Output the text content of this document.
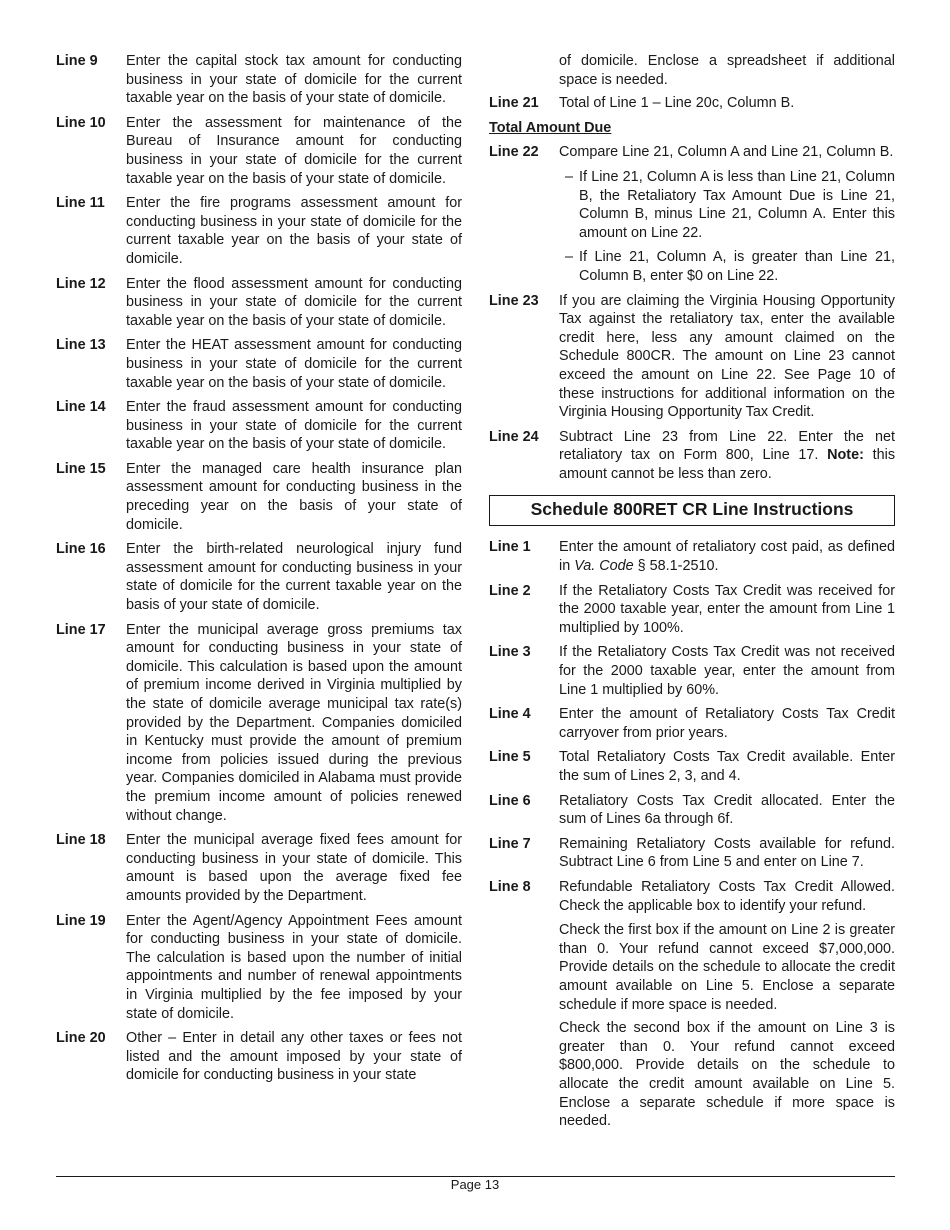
Line 9	Enter the capital stock tax amount for conducting business in your state of domicile for the current taxable year on the basis of your state of domicile.
Line 10	Enter the assessment for maintenance of the Bureau of Insurance amount for conducting business in your state of domicile for the current taxable year on the basis of your state of domicile.
Line 11	Enter the fire programs assessment amount for conducting business in your state of domicile for the current taxable year on the basis of your state of domicile.
Line 12	Enter the flood assessment amount for conducting business in your state of domicile for the current taxable year on the basis of your state of domicile.
Line 13	Enter the HEAT assessment amount for conducting business in your state of domicile for the current taxable year on the basis of your state of domicile.
Line 14	Enter the fraud assessment amount for conducting business in your state of domicile for the current taxable year on the basis of your state of domicile.
Line 15	Enter the managed care health insurance plan assessment amount for conducting business in the preceding year on the basis of your state of domicile.
Line 16	Enter the birth-related neurological injury fund assessment amount for conducting business in your state of domicile for the current taxable year on the basis of your state of domicile.
Line 17	Enter the municipal average gross premiums tax amount for conducting business in your state of domicile. This calculation is based upon the amount of premium income derived in Virginia multiplied by the state of domicile average municipal tax rate(s) provided by the Department. Companies domiciled in Kentucky must provide the amount of premium income from policies issued during the previous year. Companies domiciled in Alabama must provide the premium income amount of policies renewed without change.
Line 18	Enter the municipal average fixed fees amount for conducting business in your state of domicile. This amount is based upon the average fixed fee amounts provided by the Department.
Line 19	Enter the Agent/Agency Appointment Fees amount for conducting business in your state of domicile. The calculation is based upon the number of initial appointments and number of renewal appointments in Virginia multiplied by the fee imposed by your state of domicile.
Line 20	Other – Enter in detail any other taxes or fees not listed and the amount imposed by your state of domicile for conducting business in your state
of domicile. Enclose a spreadsheet if additional space is needed.
Line 21	Total of Line 1 – Line 20c, Column B.
Total Amount Due
Line 22	Compare Line 21, Column A and Line 21, Column B.
– If Line 21, Column A is less than Line 21, Column B, the Retaliatory Tax Amount Due is Line 21, Column B, minus Line 21, Column A. Enter this amount on Line 22.
– If Line 21, Column A, is greater than Line 21, Column B, enter $0 on Line 22.
Line 23	If you are claiming the Virginia Housing Opportunity Tax against the retaliatory tax, enter the available credit here, less any amount claimed on the Schedule 800CR. The amount on Line 23 cannot exceed the amount on Line 22. See Page 10 of these instructions for additional information on the Virginia Housing Opportunity Tax Credit.
Line 24	Subtract Line 23 from Line 22. Enter the net retaliatory tax on Form 800, Line 17. Note: this amount cannot be less than zero.
Schedule 800RET CR Line Instructions
Line 1	Enter the amount of retaliatory cost paid, as defined in Va. Code § 58.1-2510.
Line 2	If the Retaliatory Costs Tax Credit was received for the 2000 taxable year, enter the amount from Line 1 multiplied by 100%.
Line 3	If the Retaliatory Costs Tax Credit was not received for the 2000 taxable year, enter the amount from Line 1 multiplied by 60%.
Line 4	Enter the amount of Retaliatory Costs Tax Credit carryover from prior years.
Line 5	Total Retaliatory Costs Tax Credit available. Enter the sum of Lines 2, 3, and 4.
Line 6	Retaliatory Costs Tax Credit allocated. Enter the sum of Lines 6a through 6f.
Line 7	Remaining Retaliatory Costs available for refund. Subtract Line 6 from Line 5 and enter on Line 7.
Line 8	Refundable Retaliatory Costs Tax Credit Allowed. Check the applicable box to identify your refund.
Check the first box if the amount on Line 2 is greater than 0. Your refund cannot exceed $7,000,000. Provide details on the schedule to allocate the credit amount available on Line 5. Enclose a separate schedule if more space is needed.
Check the second box if the amount on Line 3 is greater than 0. Your refund cannot exceed $800,000. Provide details on the schedule to allocate the credit amount available on Line 5. Enclose a separate schedule if more space is needed.
Page 13
